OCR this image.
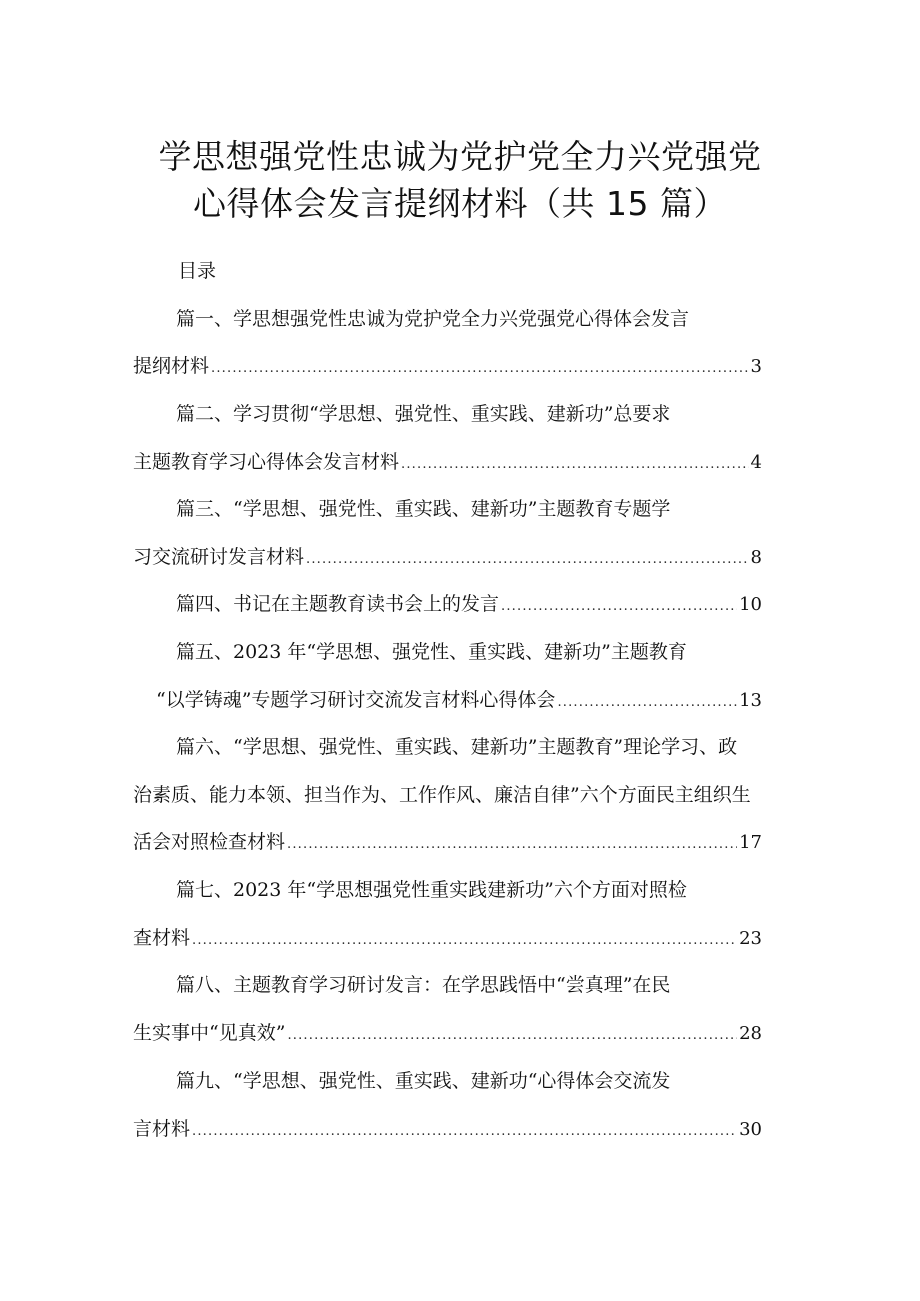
学思想强党性忠诚为党护党全力兴党强党
心得体会发言提纲材料（共 15 篇）
目录
篇一、学思想强党性忠诚为党护党全力兴党强党心得体会发言
提纲材料 .....	3
篇二、学习贯彻“学思想、强党性、重实践、建新功”总要求
主题教育学习心得体会发言材料 .....	4
篇三、“学思想、强党性、重实践、建新功”主题教育专题学
习交流研讨发言材料 .....	8
篇四、书记在主题教育读书会上的发言 .....	10
篇五、2023 年“学思想、强党性、重实践、建新功”主题教育
“以学铸魂”专题学习研讨交流发言材料心得体会 .....	13
篇六、“学思想、强党性、重实践、建新功”主题教育”理论学习、政
治素质、能力本领、担当作为、工作作风、廉洁自律”六个方面民主组织生
活会对照检查材料 .....	17
篇七、2023 年“学思想强党性重实践建新功”六个方面对照检
查材料 .....	23
篇八、主题教育学习研讨发言：在学思践悟中“尝真理”在民
生实事中“见真效” .....	28
篇九、“学思想、强党性、重实践、建新功“心得体会交流发
言材料 .....	30
